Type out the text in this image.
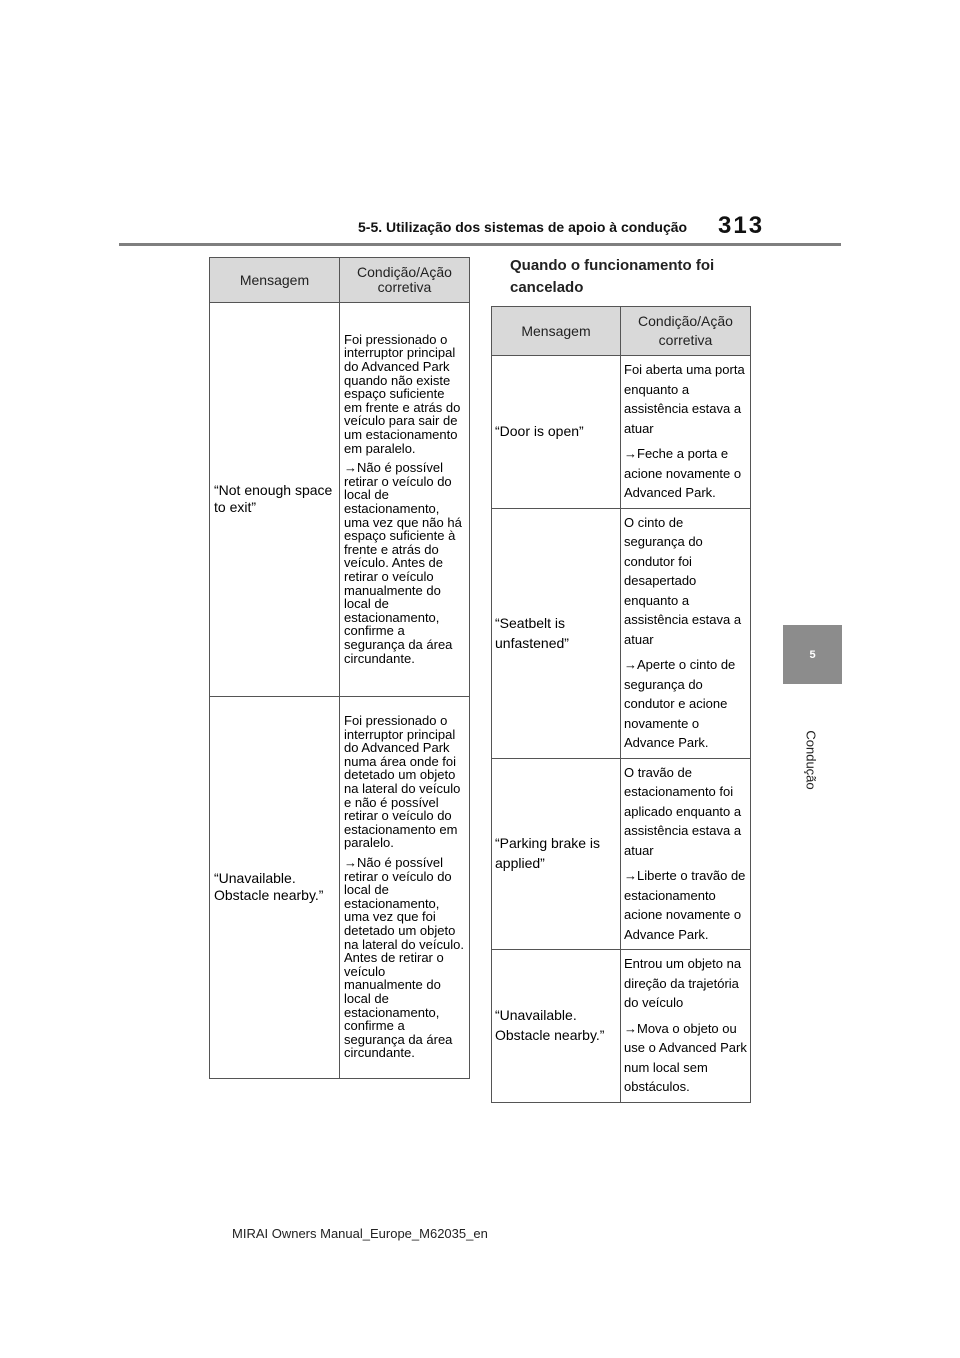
5-5. Utilização dos sistemas de apoio à condução 313
5
Condução
Mensagem	Condição/Ação corretiva
“Not enough space to exit”	Foi pressionado o interruptor principal do Advanced Park quando não existe espaço suficiente em frente e atrás do veículo para sair de um estacionamento em paralelo.

→Não é possível retirar o veículo do local de estacionamento, uma vez que não há espaço suficiente à frente e atrás do veículo. Antes de retirar o veículo manualmente do local de estacionamento, confirme a segurança da área circundante.

“Unavailable. Obstacle nearby.”	Foi pressionado o interruptor principal do Advanced Park numa área onde foi detetado um objeto na lateral do veículo e não é possível retirar o veículo do estacionamento em paralelo.

→Não é possível retirar o veículo do local de estacionamento, uma vez que foi detetado um objeto na lateral do veículo. Antes de retirar o veículo manualmente do local de estacionamento, confirme a segurança da área circundante.

Quando o funcionamento foi cancelado
Mensagem	Condição/Ação corretiva
“Door is open”	Foi aberta uma porta enquanto a assistência estava a atuar

→Feche a porta e acione novamente o Advanced Park.

“Seatbelt is unfastened”	O cinto de segurança do condutor foi desapertado enquanto a assistência estava a atuar

→Aperte o cinto de segurança do condutor e acione novamente o Advance Park.

“Parking brake is applied”	O travão de estacionamento foi aplicado enquanto a assistência estava a atuar

→Liberte o travão de estacionamento acione novamente o Advance Park.

“Unavailable. Obstacle nearby.”	Entrou um objeto na direção da trajetória do veículo

→Mova o objeto ou use o Advanced Park num local sem obstáculos.

MIRAI Owners Manual_Europe_M62035_en
